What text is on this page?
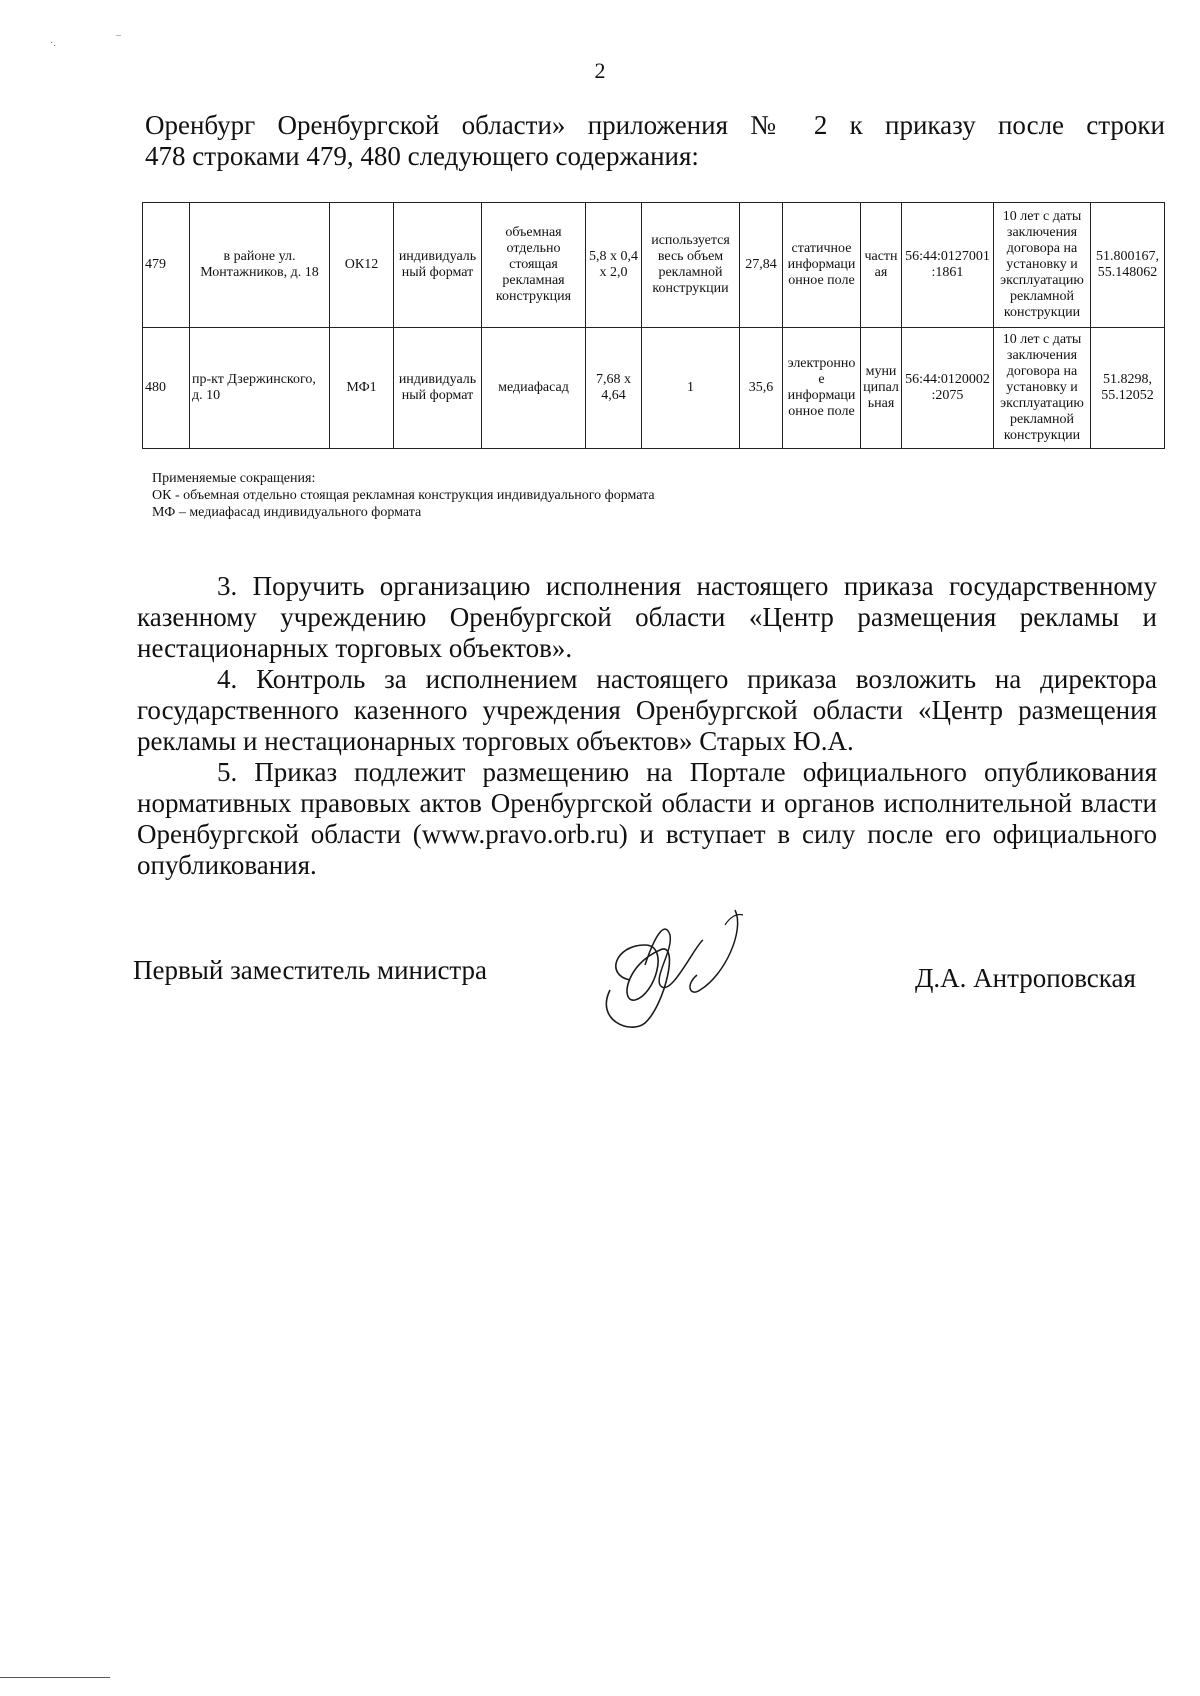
·.
–
2
Оренбург Оренбургской области» приложения № 2 к приказу после строки
478 строками 479, 480 следующего содержания:
479	в районе ул. Монтажников, д. 18	ОК12	индивидуальный формат	объемная отдельно стоящая рекламная конструкция	5,8 x 0,4 x 2,0	используется весь объем рекламной конструкции	27,84	статичное информационное поле	частная	56:44:0127001:1861	10 лет с даты заключения договора на установку и эксплуатацию рекламной конструкции	51.800167, 55.148062
480	пр-кт Дзержинского, д. 10	МФ1	индивидуальный формат	медиафасад	7,68 x 4,64	1	35,6	электронное информационное поле	муниципальная	56:44:0120002:2075	10 лет с даты заключения договора на установку и эксплуатацию рекламной конструкции	51.8298, 55.12052
Применяемые сокращения:
ОК - объемная отдельно стоящая рекламная конструкция индивидуального формата
МФ – медиафасад индивидуального формата

3. Поручить организацию исполнения настоящего приказа государственному казенному учреждению Оренбургской области «Центр размещения рекламы и нестационарных торговых объектов».

4. Контроль за исполнением настоящего приказа возложить на директора государственного казенного учреждения Оренбургской области «Центр размещения рекламы и нестационарных торговых объектов» Старых Ю.А.

5. Приказ подлежит размещению на Портале официального опубликования нормативных правовых актов Оренбургской области и органов исполнительной власти Оренбургской области (www.pravo.orb.ru) и вступает в силу после его официального опубликования.

Первый заместитель министра	Д.А. Антроповская
